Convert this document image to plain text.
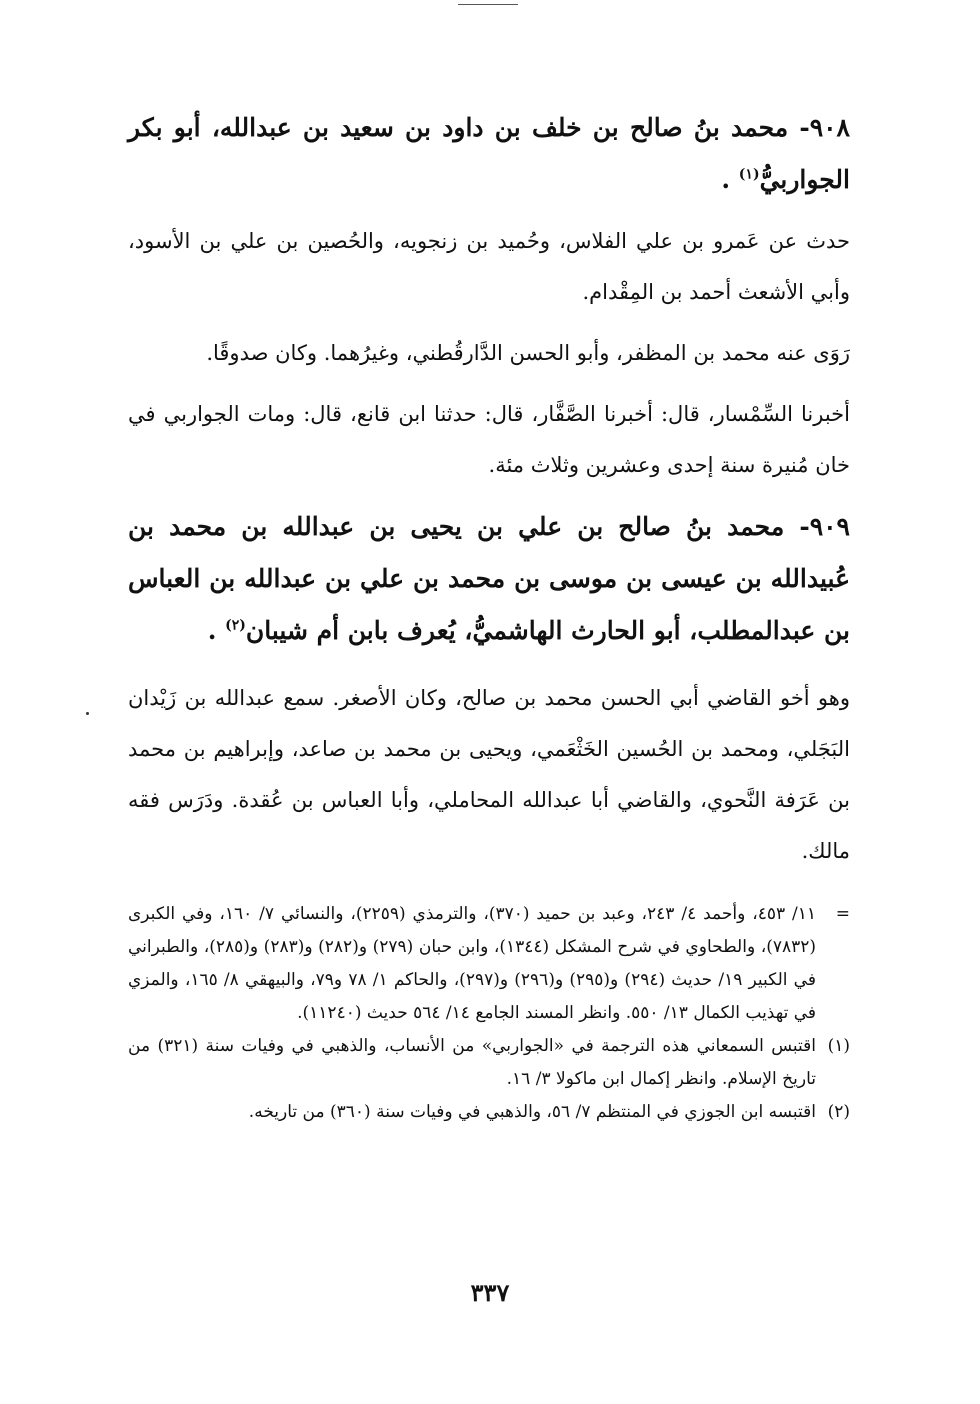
٩٠٨- محمد بنُ صالح بن خلف بن داود بن سعيد بن عبدالله، أبو بكر الجواربيُّ$^{(١)}$ .

حدث عن عَمرو بن علي الفلاس، وحُميد بن زنجويه، والحُصين بن علي بن الأسود، وأبي الأشعث أحمد بن المِقْدام.

رَوَى عنه محمد بن المظفر، وأبو الحسن الدَّارقُطني، وغيرُهما. وكان صدوقًا.

أخبرنا السِّمْسار، قال: أخبرنا الصَّفَّار، قال: حدثنا ابن قانع، قال: ومات الجواربي في خان مُنيرة سنة إحدى وعشرين وثلاث مئة.

٩٠٩- محمد بنُ صالح بن علي بن يحيى بن عبدالله بن محمد بن عُبيدالله بن عيسى بن موسى بن محمد بن علي بن عبدالله بن العباس بن عبدالمطلب، أبو الحارث الهاشميُّ، يُعرف بابن أم شيبان$^{(٢)}$ .

وهو أخو القاضي أبي الحسن محمد بن صالح، وكان الأصغر. سمع عبدالله بن زَيْدان البَجَلي، ومحمد بن الحُسين الخَثْعَمي، ويحيى بن محمد بن صاعد، وإبراهيم بن محمد بن عَرَفة النَّحوي، والقاضي أبا عبدالله المحاملي، وأبا العباس بن عُقدة. ودَرَس فقه مالك.

=
١١/ ٤٥٣، وأحمد ٤/ ٢٤٣، وعبد بن حميد (٣٧٠)، والترمذي (٢٢٥٩)، والنسائي ٧/ ١٦٠، وفي الكبرى (٧٨٣٢)، والطحاوي في شرح المشكل (١٣٤٤)، وابن حبان (٢٧٩) و(٢٨٢) و(٢٨٣) و(٢٨٥)، والطبراني في الكبير ١٩/ حديث (٢٩٤) و(٢٩٥) و(٢٩٦) و(٢٩٧)، والحاكم ١/ ٧٨ و٧٩، والبيهقي ٨/ ١٦٥، والمزي في تهذيب الكمال ١٣/ ٥٥٠. وانظر المسند الجامع ١٤/ ٥٦٤ حديث (١١٢٤٠).
(١)
اقتبس السمعاني هذه الترجمة في «الجواربي» من الأنساب، والذهبي في وفيات سنة (٣٢١) من تاريخ الإسلام. وانظر إكمال ابن ماكولا ٣/ ١٦.
(٢)
اقتبسه ابن الجوزي في المنتظم ٧/ ٥٦، والذهبي في وفيات سنة (٣٦٠) من تاريخه.
٣٣٧
